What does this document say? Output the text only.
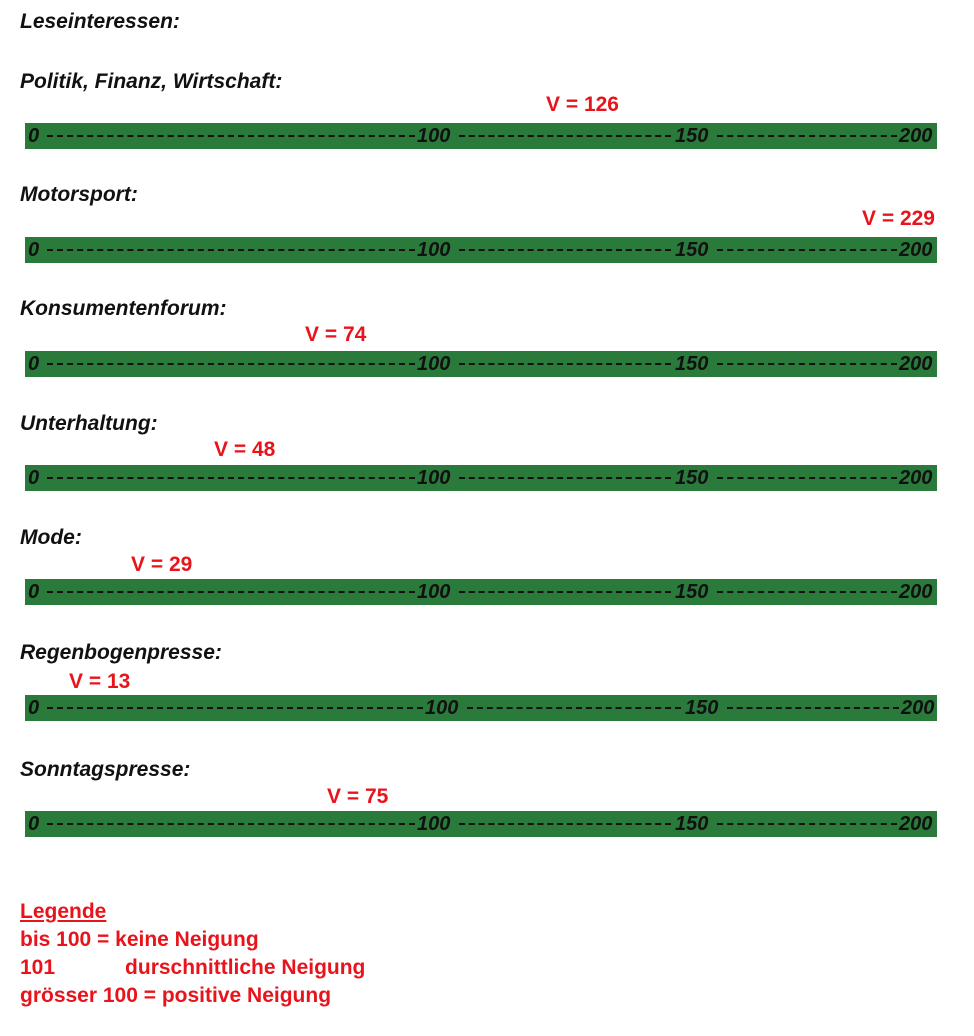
Leseinteressen:
Politik, Finanz, Wirtschaft:
V = 126
0	100	150	200
Motorsport:
V = 229
0	100	150	200
Konsumentenforum:
V = 74
0	100	150	200
Unterhaltung:
V = 48
0	100	150	200
Mode:
V = 29
0	100	150	200
Regenbogenpresse:
V = 13
0	100	150	200
Sonntagspresse:
V = 75
0	100	150	200
Legende
bis 100 = keine Neigung
101	durschnittliche Neigung
grösser 100 = positive Neigung
